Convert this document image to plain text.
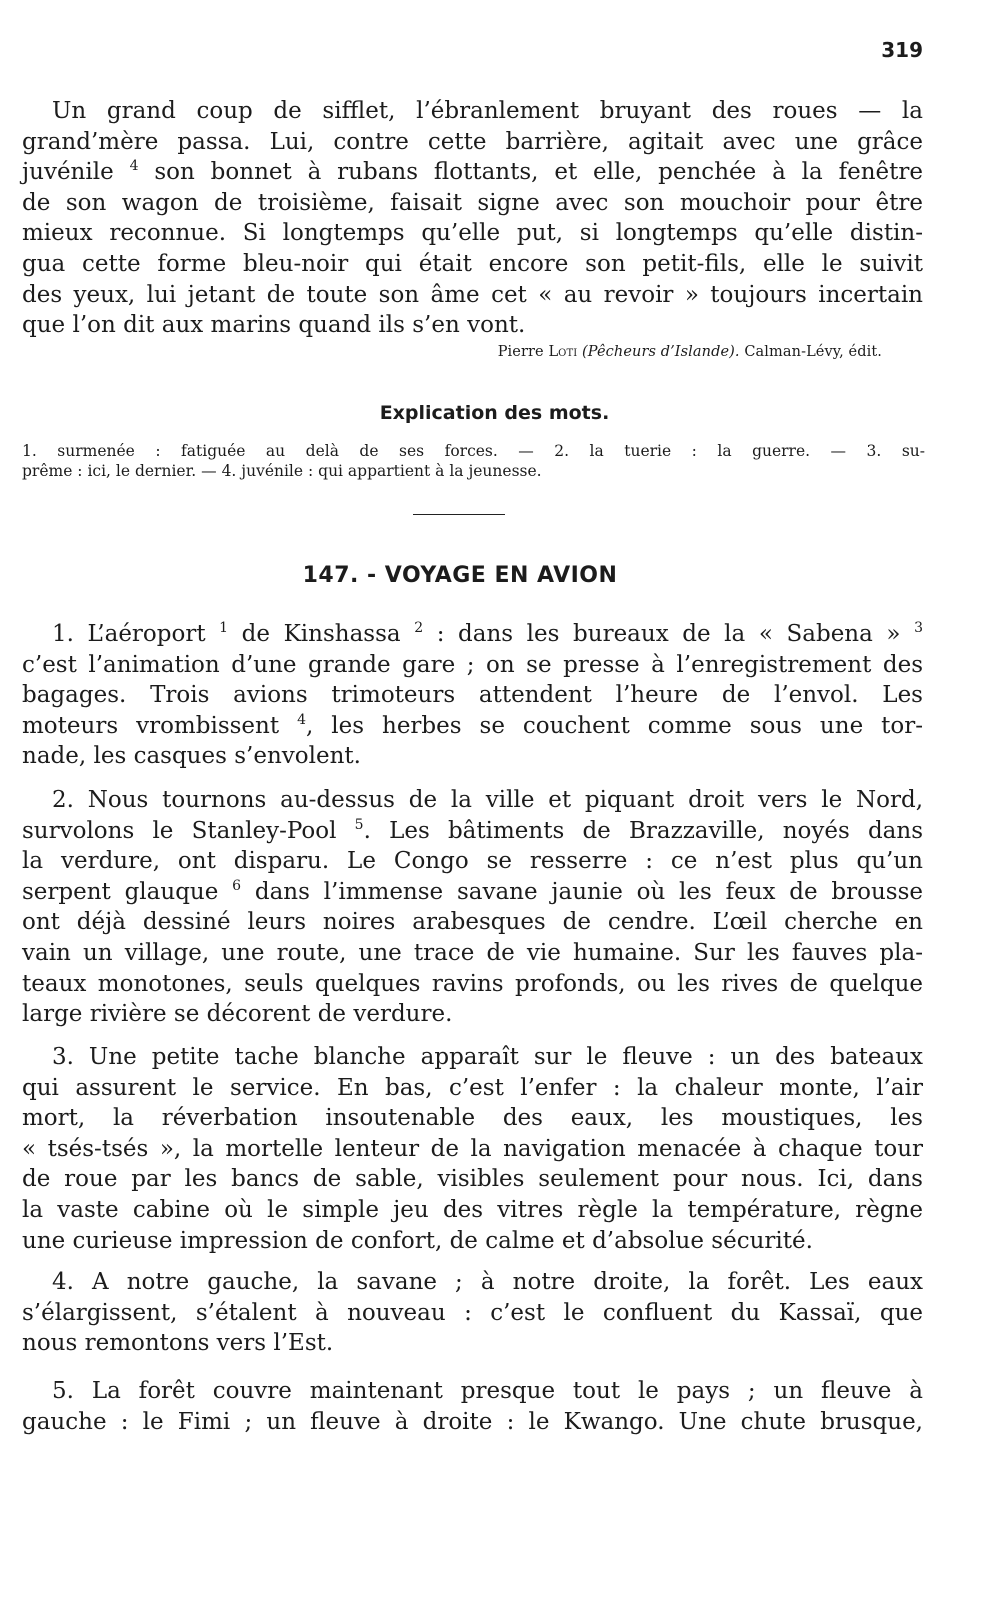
319
Un grand coup de sifflet, l’ébranlement bruyant des roues — la
grand’mère passa. Lui, contre cette barrière, agitait avec une grâce
juvénile $^4$ son bonnet à rubans flottants, et elle, penchée à la fenêtre
de son wagon de troisième, faisait signe avec son mouchoir pour être
mieux reconnue. Si longtemps qu’elle put, si longtemps qu’elle distin-
gua cette forme bleu-noir qui était encore son petit-fils, elle le suivit
des yeux, lui jetant de toute son âme cet « au revoir » toujours incertain
que l’on dit aux marins quand ils s’en vont.
Pierre Loti (Pêcheurs d’Islande). Calman-Lévy, édit.
Explication des mots.
1. surmenée : fatiguée au delà de ses forces. — 2. la tuerie : la guerre. — 3. su-
prême : ici, le dernier. — 4. juvénile : qui appartient à la jeunesse.
147. - VOYAGE EN AVION
1. L’aéroport $^1$ de Kinshassa $^2$ : dans les bureaux de la « Sabena » $^3$
c’est l’animation d’une grande gare ; on se presse à l’enregistrement des
bagages. Trois avions trimoteurs attendent l’heure de l’envol. Les
moteurs vrombissent $^4$, les herbes se couchent comme sous une tor-
nade, les casques s’envolent.
2. Nous tournons au-dessus de la ville et piquant droit vers le Nord,
survolons le Stanley-Pool $^5$. Les bâtiments de Brazzaville, noyés dans
la verdure, ont disparu. Le Congo se resserre : ce n’est plus qu’un
serpent glauque $^6$ dans l’immense savane jaunie où les feux de brousse
ont déjà dessiné leurs noires arabesques de cendre. L’œil cherche en
vain un village, une route, une trace de vie humaine. Sur les fauves pla-
teaux monotones, seuls quelques ravins profonds, ou les rives de quelque
large rivière se décorent de verdure.
3. Une petite tache blanche apparaît sur le fleuve : un des bateaux
qui assurent le service. En bas, c’est l’enfer : la chaleur monte, l’air
mort, la réverbation insoutenable des eaux, les moustiques, les
« tsés-tsés », la mortelle lenteur de la navigation menacée à chaque tour
de roue par les bancs de sable, visibles seulement pour nous. Ici, dans
la vaste cabine où le simple jeu des vitres règle la température, règne
une curieuse impression de confort, de calme et d’absolue sécurité.
4. A notre gauche, la savane ; à notre droite, la forêt. Les eaux
s’élargissent, s’étalent à nouveau : c’est le confluent du Kassaï, que
nous remontons vers l’Est.
5. La forêt couvre maintenant presque tout le pays ; un fleuve à
gauche : le Fimi ; un fleuve à droite : le Kwango. Une chute brusque,
